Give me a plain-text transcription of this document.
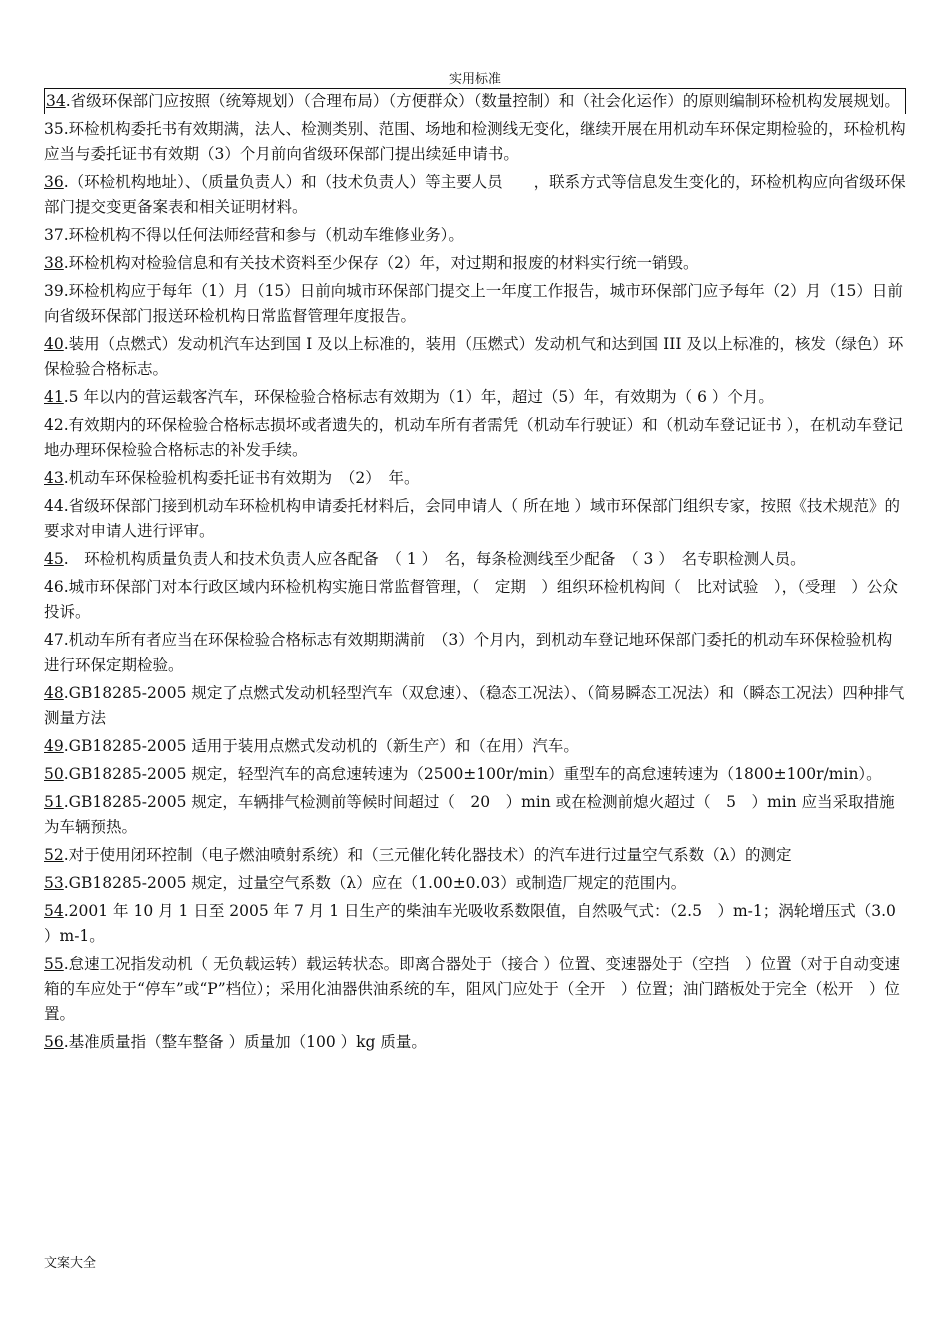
实用标准
34.省级环保部门应按照（统筹规划）（合理布局）（方便群众）（数量控制）和（社会化运作）的原则编制环检机构发展规划。
35.环检机构委托书有效期满，法人、检测类别、范围、场地和检测线无变化，继续开展在用机动车环保定期检验的，环检机构应当与委托证书有效期（3）个月前向省级环保部门提出续延申请书。
36.（环检机构地址）、（质量负责人）和（技术负责人）等主要人员　　，联系方式等信息发生变化的，环检机构应向省级环保部门提交变更备案表和相关证明材料。
37.环检机构不得以任何法师经营和参与（机动车维修业务）。
38.环检机构对检验信息和有关技术资料至少保存（2）年，对过期和报废的材料实行统一销毁。
39.环检机构应于每年（1）月（15）日前向城市环保部门提交上一年度工作报告，城市环保部门应予每年（2）月（15）日前向省级环保部门报送环检机构日常监督管理年度报告。
40.装用（点燃式）发动机汽车达到国 I 及以上标准的，装用（压燃式）发动机气和达到国 III 及以上标准的，核发（绿色）环保检验合格标志。
41.5 年以内的营运载客汽车，环保检验合格标志有效期为（1）年，超过（5）年，有效期为（ 6 ）个月。
42.有效期内的环保检验合格标志损坏或者遗失的，机动车所有者需凭（机动车行驶证）和（机动车登记证书 ），在机动车登记地办理环保检验合格标志的补发手续。
43.机动车环保检验机构委托证书有效期为　（2）　年。
44.省级环保部门接到机动车环检机构申请委托材料后，会同申请人（ 所在地 ）域市环保部门组织专家，按照《技术规范》的要求对申请人进行评审。
45.　环检机构质量负责人和技术负责人应各配备　（ 1 ）　名，每条检测线至少配备　（ 3 ）　名专职检测人员。
46.城市环保部门对本行政区域内环检机构实施日常监督管理，（　定期　）组织环检机构间（　比对试验　），（受理　）公众投诉。
47.机动车所有者应当在环保检验合格标志有效期期满前　（3）个月内，到机动车登记地环保部门委托的机动车环保检验机构进行环保定期检验。
48.GB18285-2005 规定了点燃式发动机轻型汽车（双怠速）、（稳态工况法）、（简易瞬态工况法）和（瞬态工况法）四种排气测量方法
49.GB18285-2005 适用于装用点燃式发动机的（新生产）和（在用）汽车。
50.GB18285-2005 规定，轻型汽车的高怠速转速为（2500±100r/min）重型车的高怠速转速为（1800±100r/min）。
51.GB18285-2005 规定，车辆排气检测前等候时间超过（　20　）min 或在检测前熄火超过（　5　）min 应当采取措施为车辆预热。
52.对于使用闭环控制（电子燃油喷射系统）和（三元催化转化器技术）的汽车进行过量空气系数（λ）的测定
53.GB18285-2005 规定，过量空气系数（λ）应在（1.00±0.03）或制造厂规定的范围内。
54.2001 年 10 月 1 日至 2005 年 7 月 1 日生产的柴油车光吸收系数限值，自然吸气式：（2.5　）m-1；涡轮增压式（3.0 ）m-1。
55.怠速工况指发动机（ 无负载运转）载运转状态。即离合器处于（接合 ）位置、变速器处于（空挡　）位置（对于自动变速箱的车应处于“停车”或“P”档位）；采用化油器供油系统的车，阻风门应处于（全开　）位置；油门踏板处于完全（松开　）位置。
56.基准质量指（整车整备 ）质量加（100 ）kg 质量。
文案大全
